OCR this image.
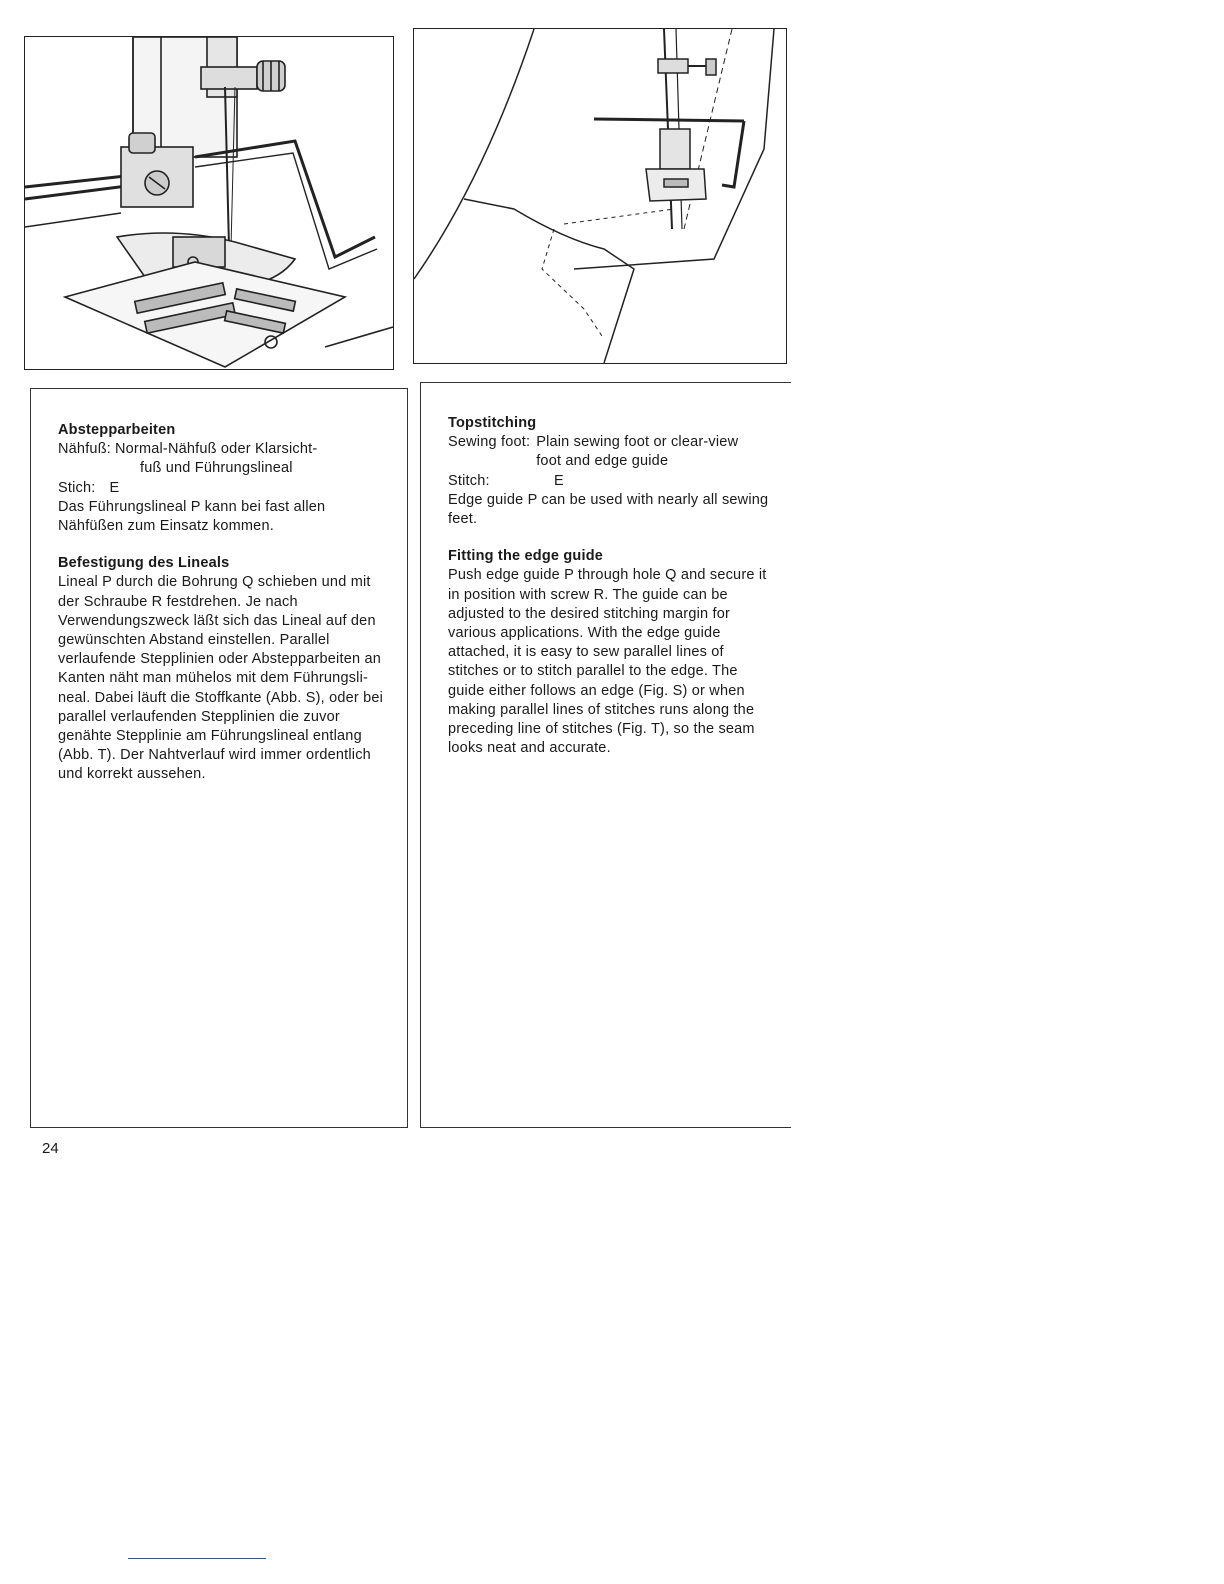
Abstepparbeiten

Nähfuß: Normal-Nähfuß oder Klarsicht-

fuß und Führungslineal

Stich: E

Das Führungslineal P kann bei fast allen Nähfüßen zum Einsatz kommen.

Befestigung des Lineals

Lineal P durch die Bohrung Q schieben und mit der Schraube R festdrehen. Je nach Verwendungszweck läßt sich das Lineal auf den gewünschten Abstand einstellen. Parallel verlaufende Stepplinien oder Abstepparbeiten an Kanten näht man mühelos mit dem Führungslineal. Dabei läuft die Stoffkante (Abb. S), oder bei parallel verlaufenden Stepplinien die zuvor genähte Stepplinie am Führungslineal entlang (Abb. T). Der Nahtverlauf wird immer ordentlich und korrekt aussehen.

Topstitching

Sewing foot: Plain sewing foot or clear-view foot and edge guide
Stitch:	E

Edge guide P can be used with nearly all sewing feet.

Fitting the edge guide

Push edge guide P through hole Q and secure it in position with screw R. The guide can be adjusted to the desired stitching margin for various applications. With the edge guide attached, it is easy to sew parallel lines of stitches or to stitch parallel to the edge. The guide either follows an edge (Fig. S) or when making parallel lines of stitches runs along the preceding line of stitches (Fig. T), so the seam looks neat and accurate.

24
